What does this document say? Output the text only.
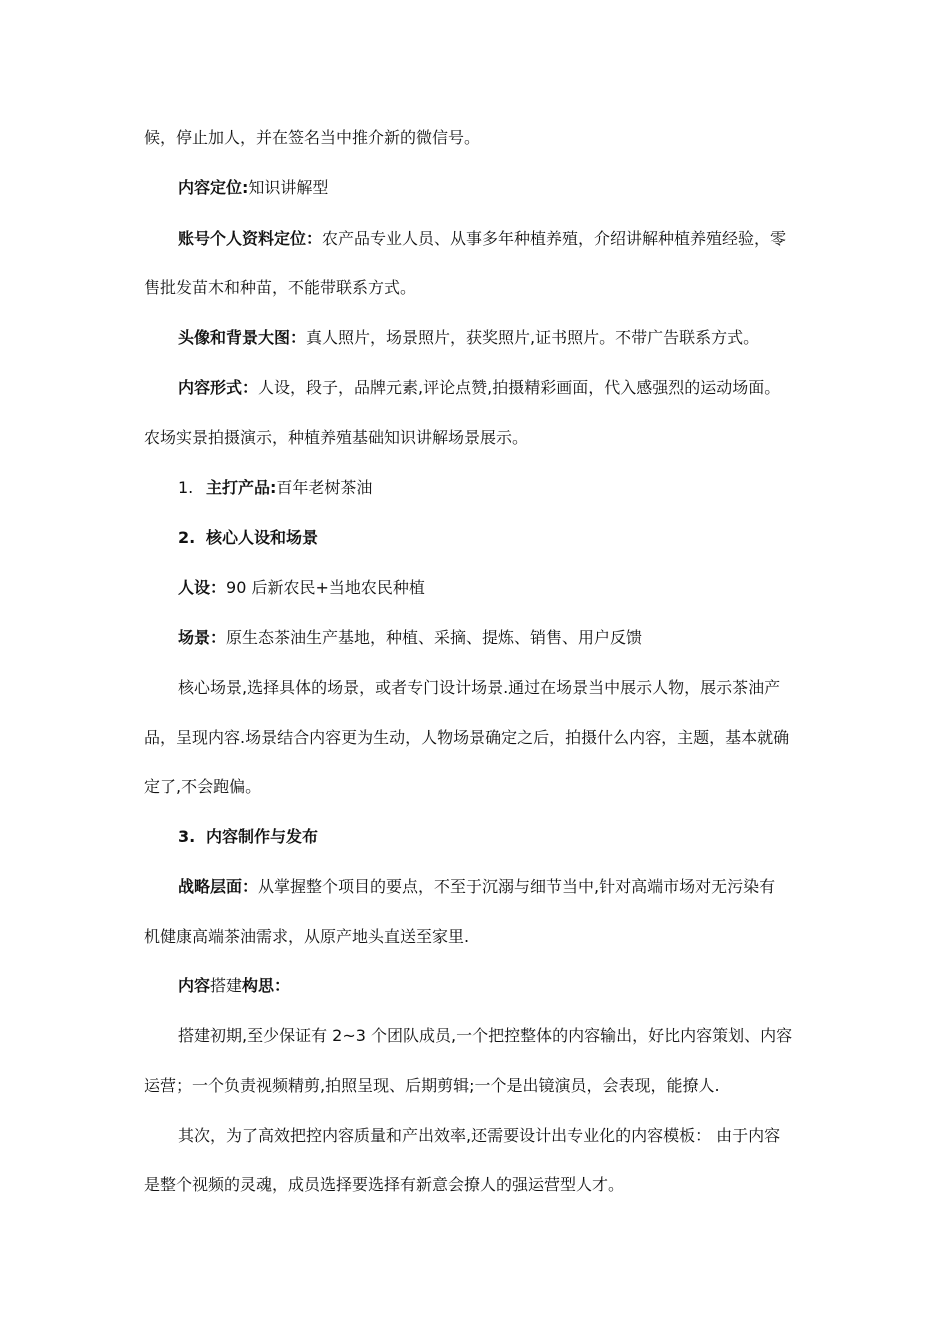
候，停止加人，并在签名当中推介新的微信号。
内容定位:知识讲解型
账号个人资料定位：农产品专业人员、从事多年种植养殖，介绍讲解种植养殖经验，零
售批发苗木和种苗，不能带联系方式。
头像和背景大图：真人照片，场景照片，获奖照片,证书照片。不带广告联系方式。
内容形式：人设，段子，品牌元素,评论点赞,拍摄精彩画面，代入感强烈的运动场面。
农场实景拍摄演示，种植养殖基础知识讲解场景展示。
1. 主打产品:百年老树茶油
2. 核心人设和场景
人设：90 后新农民+当地农民种植
场景：原生态茶油生产基地，种植、采摘、提炼、销售、用户反馈
核心场景,选择具体的场景，或者专门设计场景.通过在场景当中展示人物，展示茶油产
品，呈现内容.场景结合内容更为生动，人物场景确定之后，拍摄什么内容，主题，基本就确
定了,不会跑偏。
3. 内容制作与发布
战略层面：从掌握整个项目的要点，不至于沉溺与细节当中,针对高端市场对无污染有
机健康高端茶油需求，从原产地头直送至家里.
内容搭建构思：
搭建初期,至少保证有 2~3 个团队成员,一个把控整体的内容输出，好比内容策划、内容
运营；一个负责视频精剪,拍照呈现、后期剪辑;一个是出镜演员，会表现，能撩人.
其次，为了高效把控内容质量和产出效率,还需要设计出专业化的内容模板： 由于内容
是整个视频的灵魂，成员选择要选择有新意会撩人的强运营型人才。
